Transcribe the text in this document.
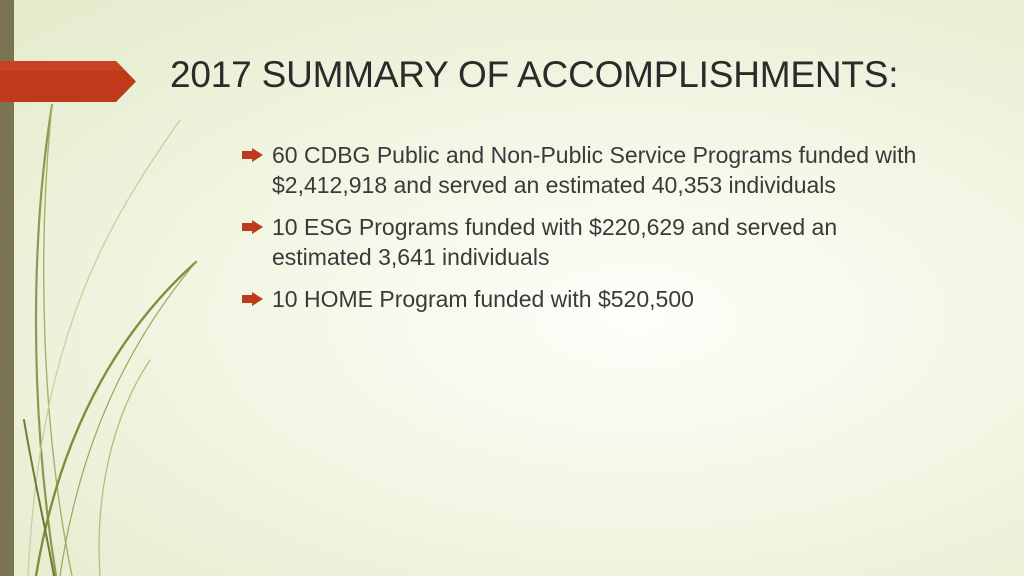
2017 SUMMARY OF ACCOMPLISHMENTS:
60 CDBG Public and Non-Public Service Programs funded with $2,412,918 and served an estimated 40,353 individuals
10 ESG Programs funded with $220,629 and served an estimated 3,641 individuals
10 HOME Program funded with $520,500
